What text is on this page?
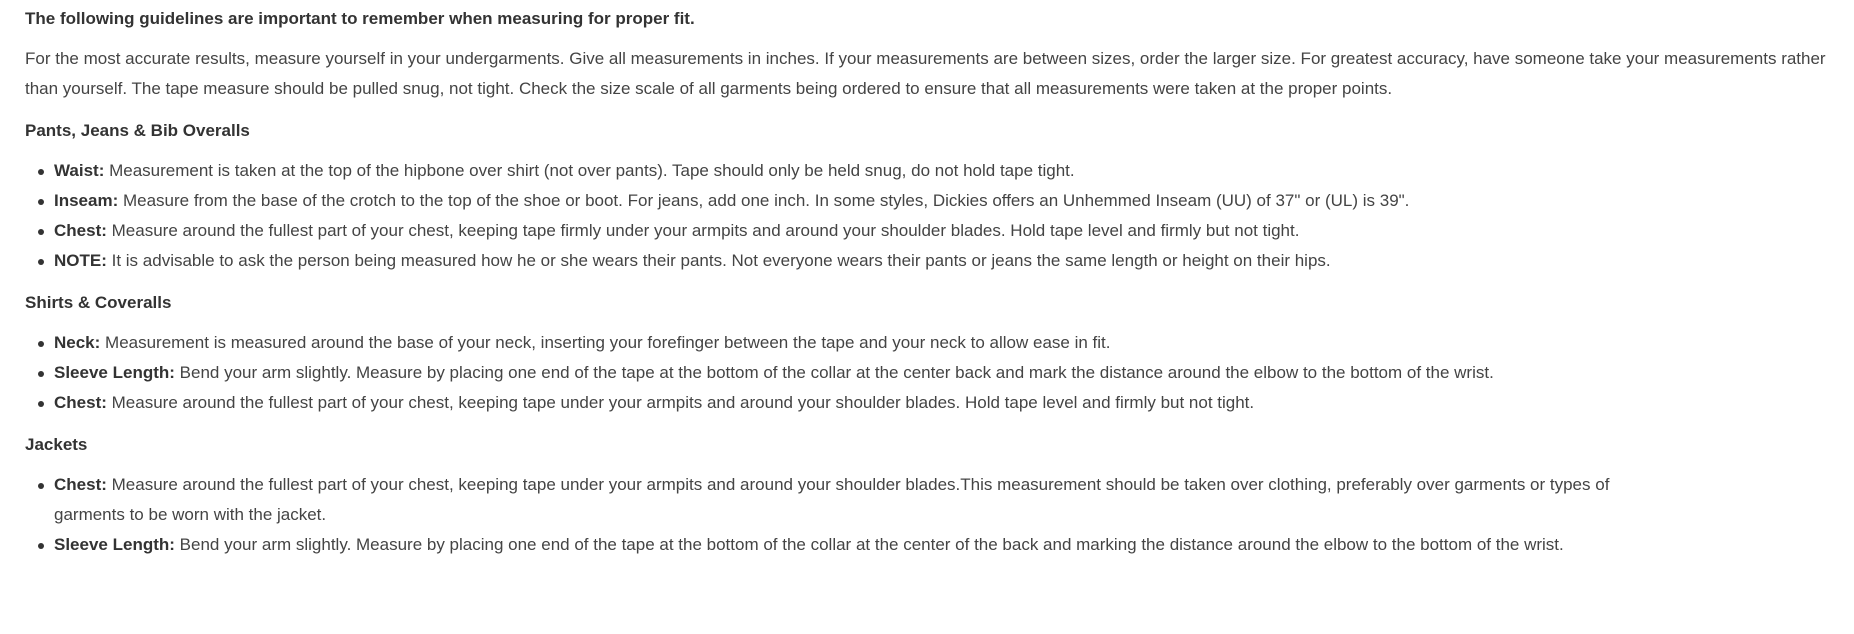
The following guidelines are important to remember when measuring for proper fit.

For the most accurate results, measure yourself in your undergarments. Give all measurements in inches. If your measurements are between sizes, order the larger size. For greatest accuracy, have someone take your measurements rather than yourself. The tape measure should be pulled snug, not tight. Check the size scale of all garments being ordered to ensure that all measurements were taken at the proper points.

Pants, Jeans & Bib Overalls

Waist: Measurement is taken at the top of the hipbone over shirt (not over pants). Tape should only be held snug, do not hold tape tight.
Inseam: Measure from the base of the crotch to the top of the shoe or boot. For jeans, add one inch. In some styles, Dickies offers an Unhemmed Inseam (UU) of 37" or (UL) is 39".
Chest: Measure around the fullest part of your chest, keeping tape firmly under your armpits and around your shoulder blades. Hold tape level and firmly but not tight.
NOTE: It is advisable to ask the person being measured how he or she wears their pants. Not everyone wears their pants or jeans the same length or height on their hips.

Shirts & Coveralls

Neck: Measurement is measured around the base of your neck, inserting your forefinger between the tape and your neck to allow ease in fit.
Sleeve Length: Bend your arm slightly. Measure by placing one end of the tape at the bottom of the collar at the center back and mark the distance around the elbow to the bottom of the wrist.
Chest: Measure around the fullest part of your chest, keeping tape under your armpits and around your shoulder blades. Hold tape level and firmly but not tight.

Jackets

Chest: Measure around the fullest part of your chest, keeping tape under your armpits and around your shoulder blades.This measurement should be taken over clothing, preferably over garments or types of garments to be worn with the jacket.
Sleeve Length: Bend your arm slightly. Measure by placing one end of the tape at the bottom of the collar at the center of the back and marking the distance around the elbow to the bottom of the wrist.
